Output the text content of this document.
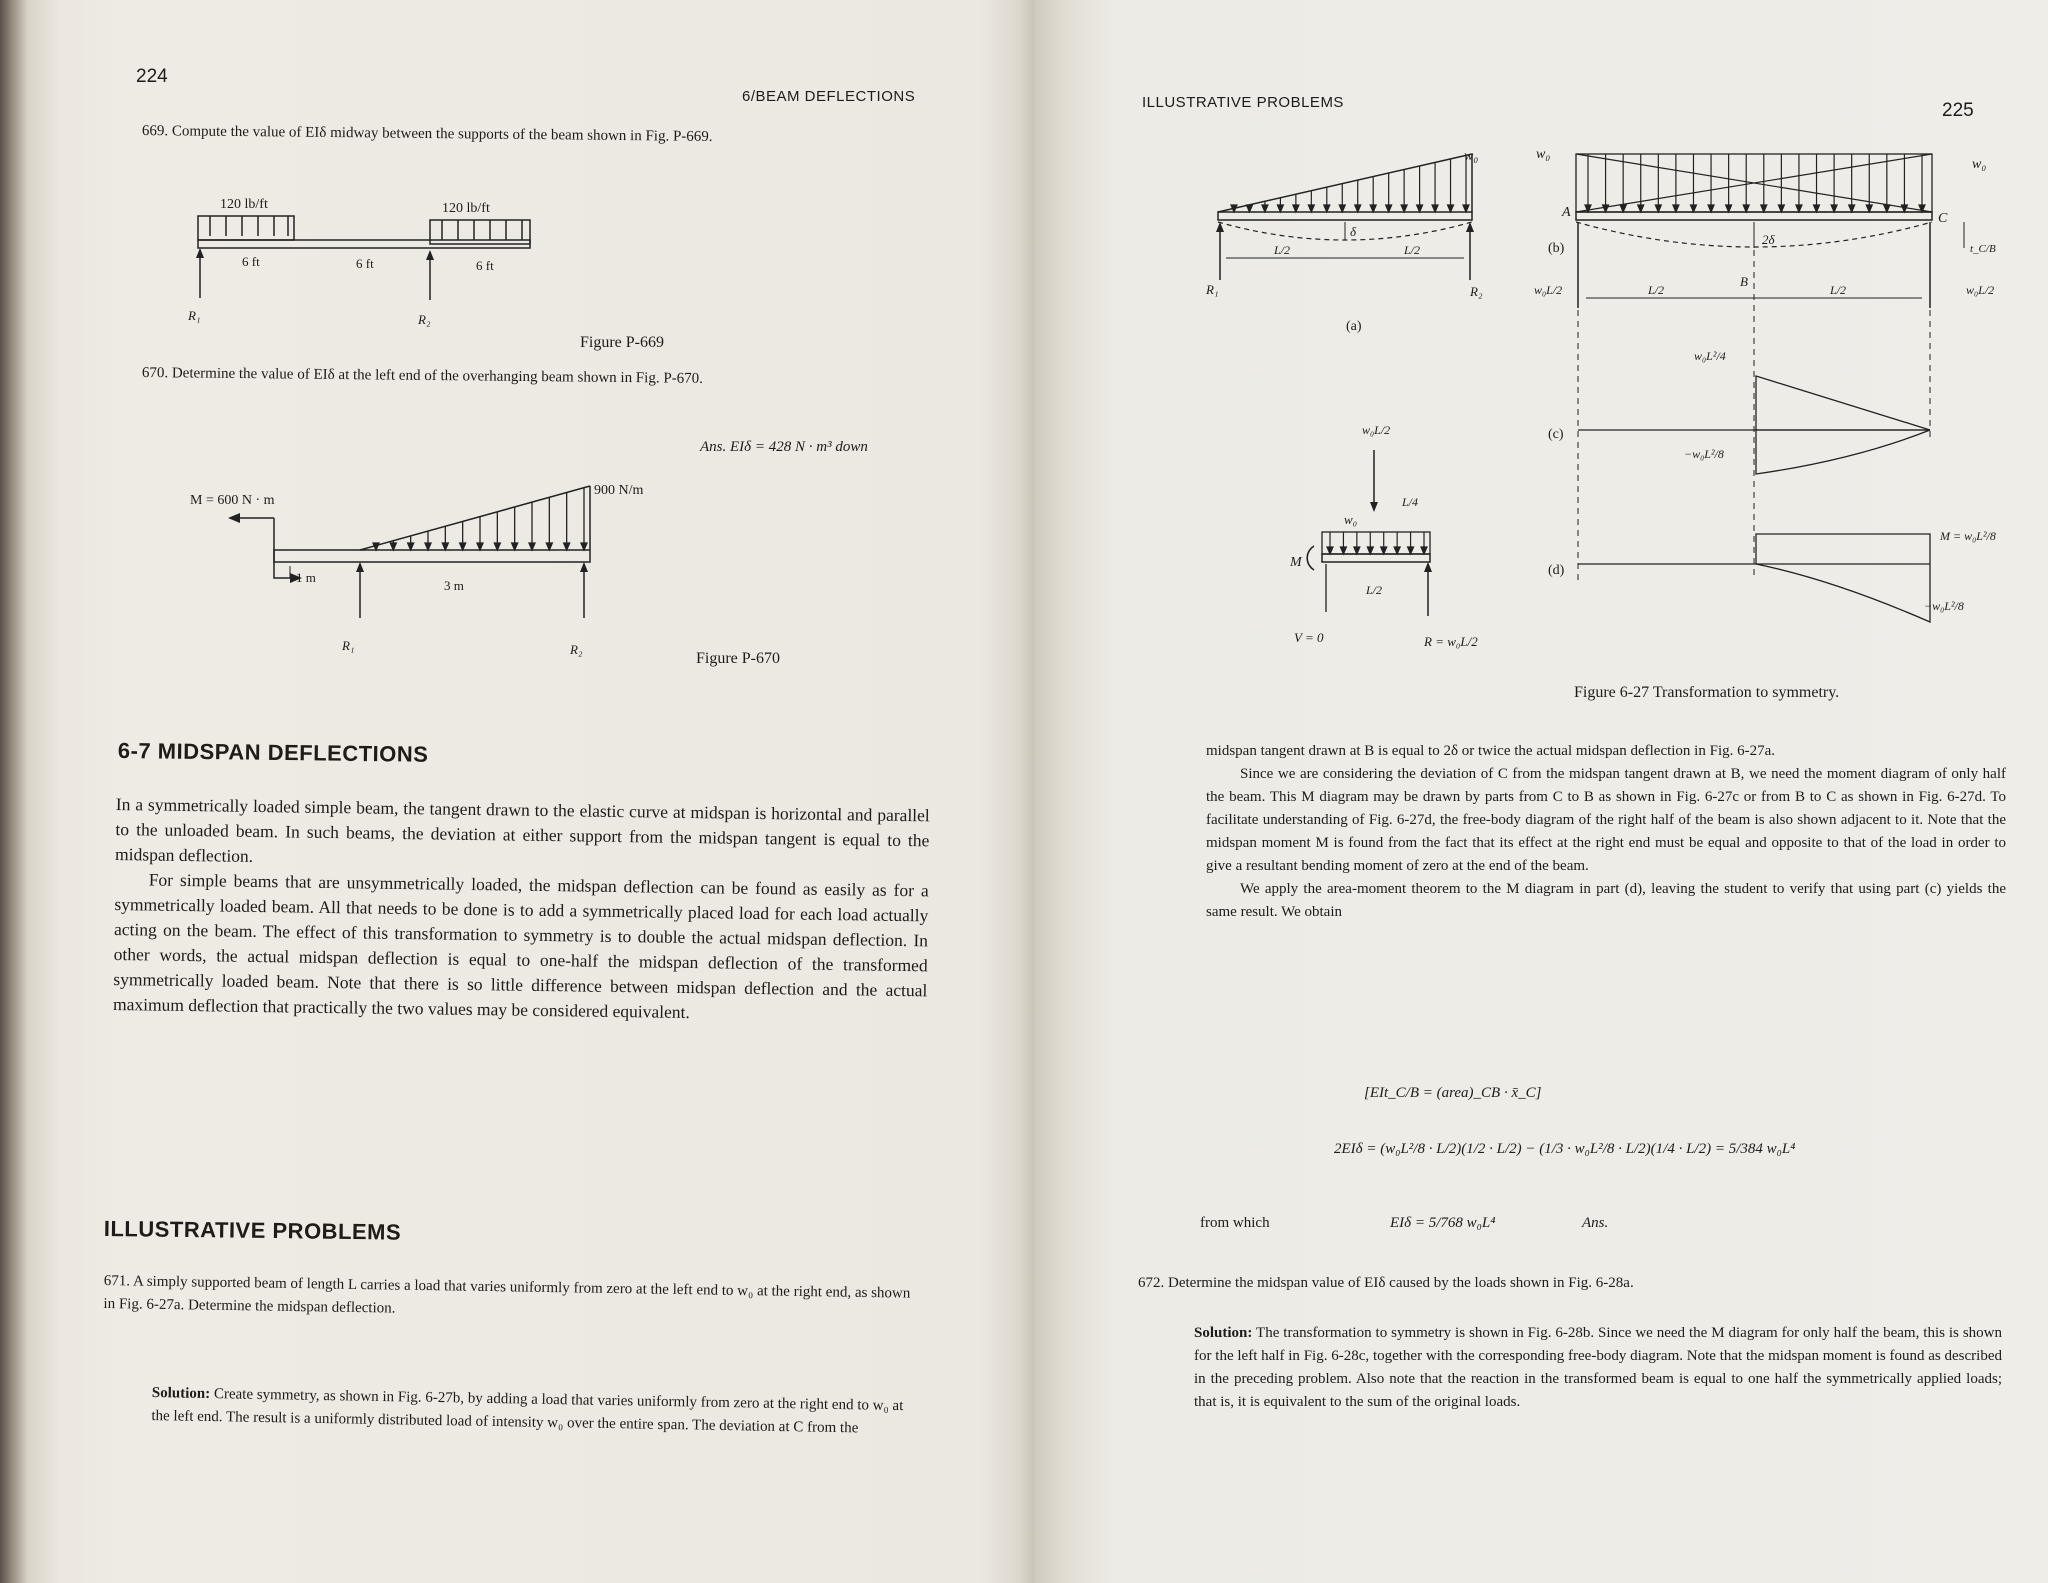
224
6/BEAM DEFLECTIONS
669. Compute the value of EIδ midway between the supports of the beam shown in Fig. P-669.
120 lb/ft	120 lb/ft
6 ft	6 ft	6 ft
R₁	R₂
Figure P-669
670. Determine the value of EIδ at the left end of the overhanging beam shown in Fig. P-670.
Ans. EIδ = 428 N · m³ down
M = 600 N · m
900 N/m
1 m
3 m
R₁	R₂
Figure P-670
6-7 MIDSPAN DEFLECTIONS

In a symmetrically loaded simple beam, the tangent drawn to the elastic curve at midspan is horizontal and parallel to the unloaded beam. In such beams, the deviation at either support from the midspan tangent is equal to the midspan deflection.

For simple beams that are unsymmetrically loaded, the midspan deflection can be found as easily as for a symmetrically loaded beam. All that needs to be done is to add a symmetrically placed load for each load actually acting on the beam. The effect of this transformation to symmetry is to double the actual midspan deflection. In other words, the actual midspan deflection is equal to one-half the midspan deflection of the transformed symmetrically loaded beam. Note that there is so little difference between midspan deflection and the actual maximum deflection that practically the two values may be considered equivalent.

ILLUSTRATIVE PROBLEMS
671. A simply supported beam of length L carries a load that varies uniformly from zero at the left end to w₀ at the right end, as shown in Fig. 6-27a. Determine the midspan deflection.
Solution: Create symmetry, as shown in Fig. 6-27b, by adding a load that varies uniformly from zero at the right end to w₀ at the left end. The result is a uniformly distributed load of intensity w₀ over the entire span. The deviation at C from the
ILLUSTRATIVE PROBLEMS	225
w₀
δ
L/2	L/2
R₁	R₂
(a)
w₀
w₀
A	C
2δ
B
t_C/B
(b)
w₀L/2	w₀L/2
L/2	L/2
(c)
w₀L²/4
−w₀L²/8
(d)
M = w₀L²/8
−w₀L²/8
w₀L/2
L/4
w₀
M
L/2
V = 0	R = w₀L/2
Figure 6-27 Transformation to symmetry.

midspan tangent drawn at B is equal to 2δ or twice the actual midspan deflection in Fig. 6-27a.

Since we are considering the deviation of C from the midspan tangent drawn at B, we need the moment diagram of only half the beam. This M diagram may be drawn by parts from C to B as shown in Fig. 6-27c or from B to C as shown in Fig. 6-27d. To facilitate understanding of Fig. 6-27d, the free-body diagram of the right half of the beam is also shown adjacent to it. Note that the midspan moment M is found from the fact that its effect at the right end must be equal and opposite to that of the load in order to give a resultant bending moment of zero at the end of the beam.

We apply the area-moment theorem to the M diagram in part (d), leaving the student to verify that using part (c) yields the same result. We obtain

[EIt_C/B = (area)_CB · x̄_C]
2EIδ = (w₀L²/8 · L/2)(1/2 · L/2) − (1/3 · w₀L²/8 · L/2)(1/4 · L/2) = 5/384 w₀L⁴
from which	EIδ = 5/768 w₀L⁴	Ans.
672. Determine the midspan value of EIδ caused by the loads shown in Fig. 6-28a.
Solution: The transformation to symmetry is shown in Fig. 6-28b. Since we need the M diagram for only half the beam, this is shown for the left half in Fig. 6-28c, together with the corresponding free-body diagram. Note that the midspan moment is found as described in the preceding problem. Also note that the reaction in the transformed beam is equal to one half the symmetrically applied loads; that is, it is equivalent to the sum of the original loads.
